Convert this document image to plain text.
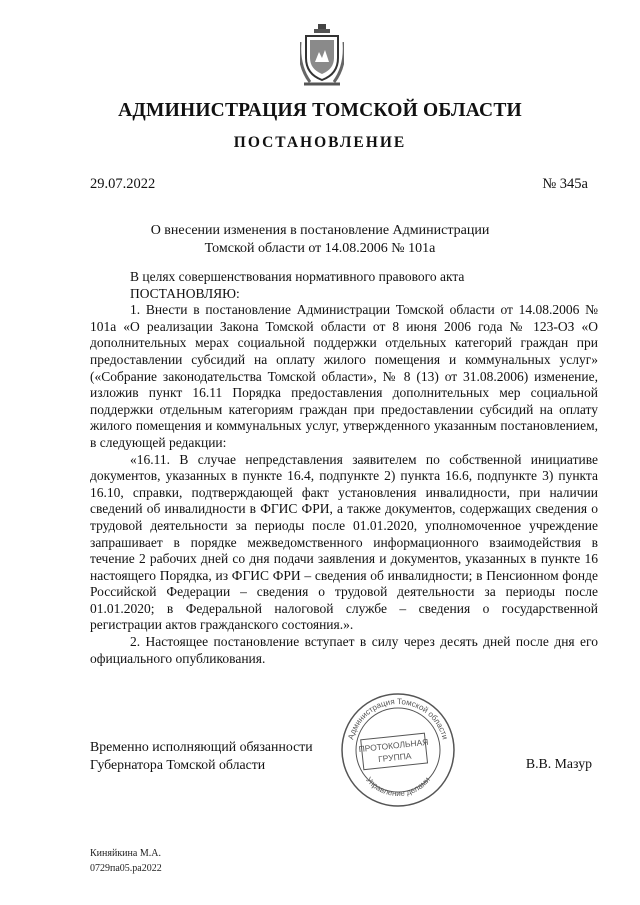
АДМИНИСТРАЦИЯ ТОМСКОЙ ОБЛАСТИ
ПОСТАНОВЛЕНИЕ
29.07.2022	№ 345а
О внесении изменения в постановление Администрации
Томской области от 14.08.2006 № 101а

В целях совершенствования нормативного правового акта

ПОСТАНОВЛЯЮ:

1. Внести в постановление Администрации Томской области от 14.08.2006 № 101а «О реализации Закона Томской области от 8 июня 2006 года № 123-ОЗ «О дополнительных мерах социальной поддержки отдельных категорий граждан при предоставлении субсидий на оплату жилого помещения и коммунальных услуг» («Собрание законодательства Томской области», № 8 (13) от 31.08.2006) изменение, изложив пункт 16.11 Порядка предоставления дополнительных мер социальной поддержки отдельным категориям граждан при предоставлении субсидий на оплату жилого помещения и коммунальных услуг, утвержденного указанным постановлением, в следующей редакции:

«16.11. В случае непредставления заявителем по собственной инициативе документов, указанных в пункте 16.4, подпункте 2) пункта 16.6, подпункте 3) пункта 16.10, справки, подтверждающей факт установления инвалидности, при наличии сведений об инвалидности в ФГИС ФРИ, а также документов, содержащих сведения о трудовой деятельности за периоды после 01.01.2020, уполномоченное учреждение запрашивает в порядке межведомственного информационного взаимодействия в течение 2 рабочих дней со дня подачи заявления и документов, указанных в пункте 16 настоящего Порядка, из ФГИС ФРИ – сведения об инвалидности; в Пенсионном фонде Российской Федерации – сведения о трудовой деятельности за периоды после 01.01.2020; в Федеральной налоговой службе – сведения о государственной регистрации актов гражданского состояния.».

2. Настоящее постановление вступает в силу через десять дней после дня его официального опубликования.

Администрация Томской области
Управление делами
ПРОТОКОЛЬНАЯ
ГРУППА
Временно исполняющий обязанности
Губернатора Томской области	В.В. Мазур
Киняйкина М.А.
0729па05.ра2022
